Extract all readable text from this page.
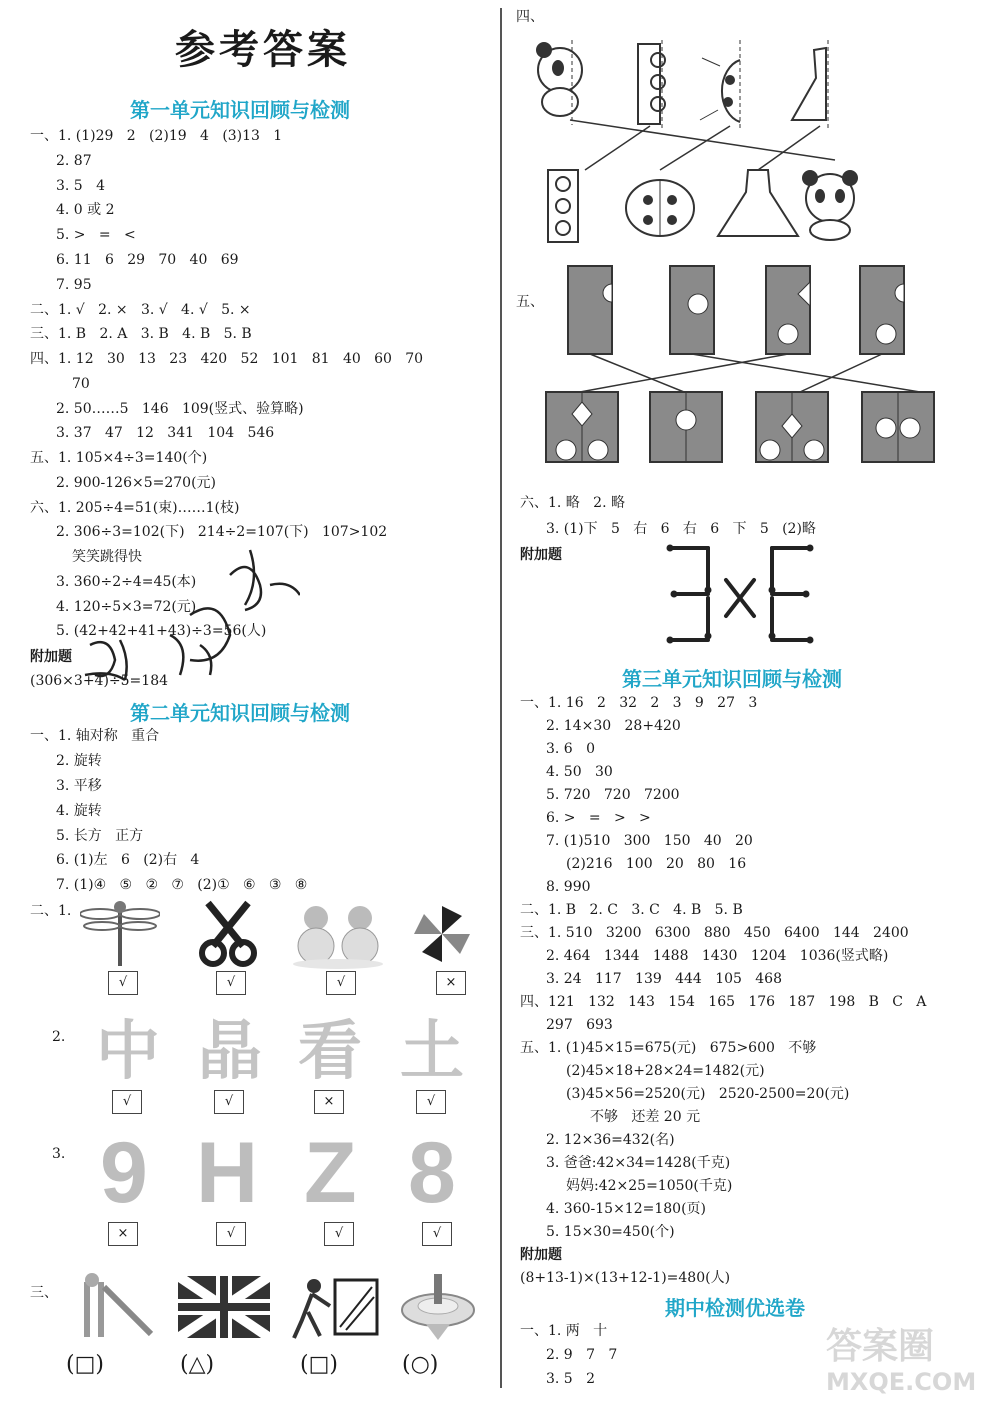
参考答案
第一单元知识回顾与检测
一、1. (1)29   2   (2)19   4   (3)13   1
2. 87
3. 5   4
4. 0 或 2
5. >   =   <
6. 11   6   29   70   40   69
7. 95
二、1. √   2. ×   3. √   4. √   5. ×
三、1. B   2. A   3. B   4. B   5. B
四、1. 12   30   13   23   420   52   101   81   40   60   70
70
2. 50……5   146   109(竖式、验算略)
3. 37   47   12   341   104   546
五、1. 105×4÷3=140(个)
2. 900-126×5=270(元)
六、1. 205÷4=51(束)……1(枝)
2. 306÷3=102(下)   214÷2=107(下)   107>102
笑笑跳得快
3. 360÷2÷4=45(本)
4. 120÷5×3=72(元)
5. (42+42+41+43)÷3=56(人)
附加题
(306×3+4)÷5=184
第二单元知识回顾与检测
一、1. 轴对称   重合
2. 旋转
3. 平移
4. 旋转
5. 长方   正方
6. (1)左   6   (2)右   4
7. (1)④   ⑤   ②   ⑦   (2)①   ⑥   ③   ⑧
二、1.
√	√	√	×
2. 中 晶 看 土
√	√	×	√
3. 9 H Z 8
×	√	√	√
三、
(□)	(△)	(□)	(○)
四、
五、
六、1. 略   2. 略
3. (1)下   5   右   6   右   6   下   5   (2)略
附加题
第三单元知识回顾与检测
一、1. 16   2   32   2   3   9   27   3
2. 14×30   28+420
3. 6   0
4. 50   30
5. 720   720   7200
6. >   =   >   >
7. (1)510   300   150   40   20
(2)216   100   20   80   16
8. 990
二、1. B   2. C   3. C   4. B   5. B
三、1. 510   3200   6300   880   450   6400   144   2400
2. 464   1344   1488   1430   1204   1036(竖式略)
3. 24   117   139   444   105   468
四、121   132   143   154   165   176   187   198   B   C   A
297   693
五、1. (1)45×15=675(元)   675>600   不够
(2)45×18+28×24=1482(元)
(3)45×56=2520(元)   2520-2500=20(元)
不够   还差 20 元
2. 12×36=432(名)
3. 爸爸:42×34=1428(千克)
妈妈:42×25=1050(千克)
4. 360-15×12=180(页)
5. 15×30=450(个)
附加题
(8+13-1)×(13+12-1)=480(人)
期中检测优选卷
一、1. 两   十
2. 9   7   7
3. 5   2
答案圈
MXQE.COM
